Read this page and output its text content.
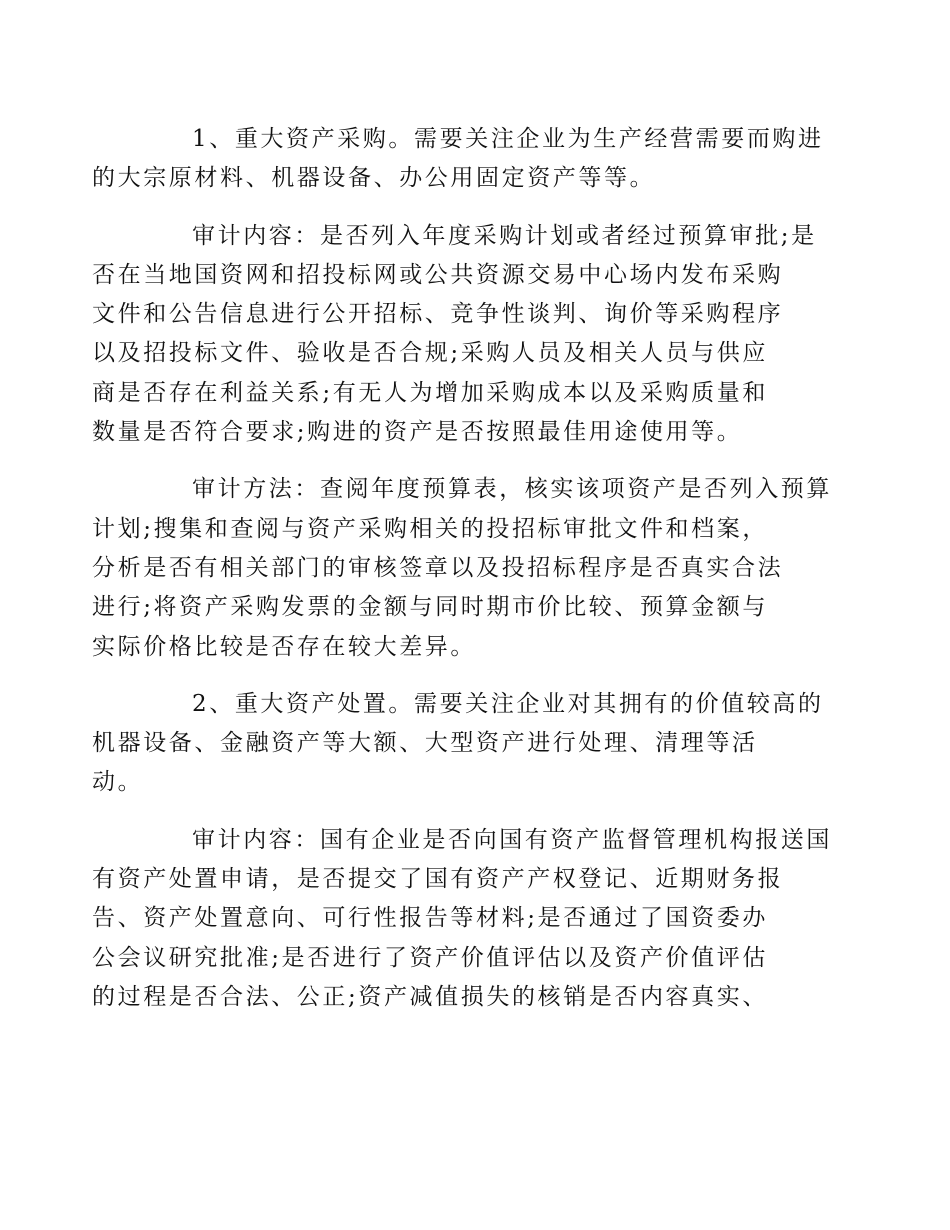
1、重大资产采购。需要关注企业为生产经营需要而购进
的大宗原材料、机器设备、办公用固定资产等等。

审计内容：是否列入年度采购计划或者经过预算审批;是
否在当地国资网和招投标网或公共资源交易中心场内发布采购
文件和公告信息进行公开招标、竞争性谈判、询价等采购程序
以及招投标文件、验收是否合规;采购人员及相关人员与供应
商是否存在利益关系;有无人为增加采购成本以及采购质量和
数量是否符合要求;购进的资产是否按照最佳用途使用等。

审计方法：查阅年度预算表，核实该项资产是否列入预算
计划;搜集和查阅与资产采购相关的投招标审批文件和档案，
分析是否有相关部门的审核签章以及投招标程序是否真实合法
进行;将资产采购发票的金额与同时期市价比较、预算金额与
实际价格比较是否存在较大差异。

2、重大资产处置。需要关注企业对其拥有的价值较高的
机器设备、金融资产等大额、大型资产进行处理、清理等活
动。

审计内容：国有企业是否向国有资产监督管理机构报送国
有资产处置申请，是否提交了国有资产产权登记、近期财务报
告、资产处置意向、可行性报告等材料;是否通过了国资委办
公会议研究批准;是否进行了资产价值评估以及资产价值评估
的过程是否合法、公正;资产减值损失的核销是否内容真实、
